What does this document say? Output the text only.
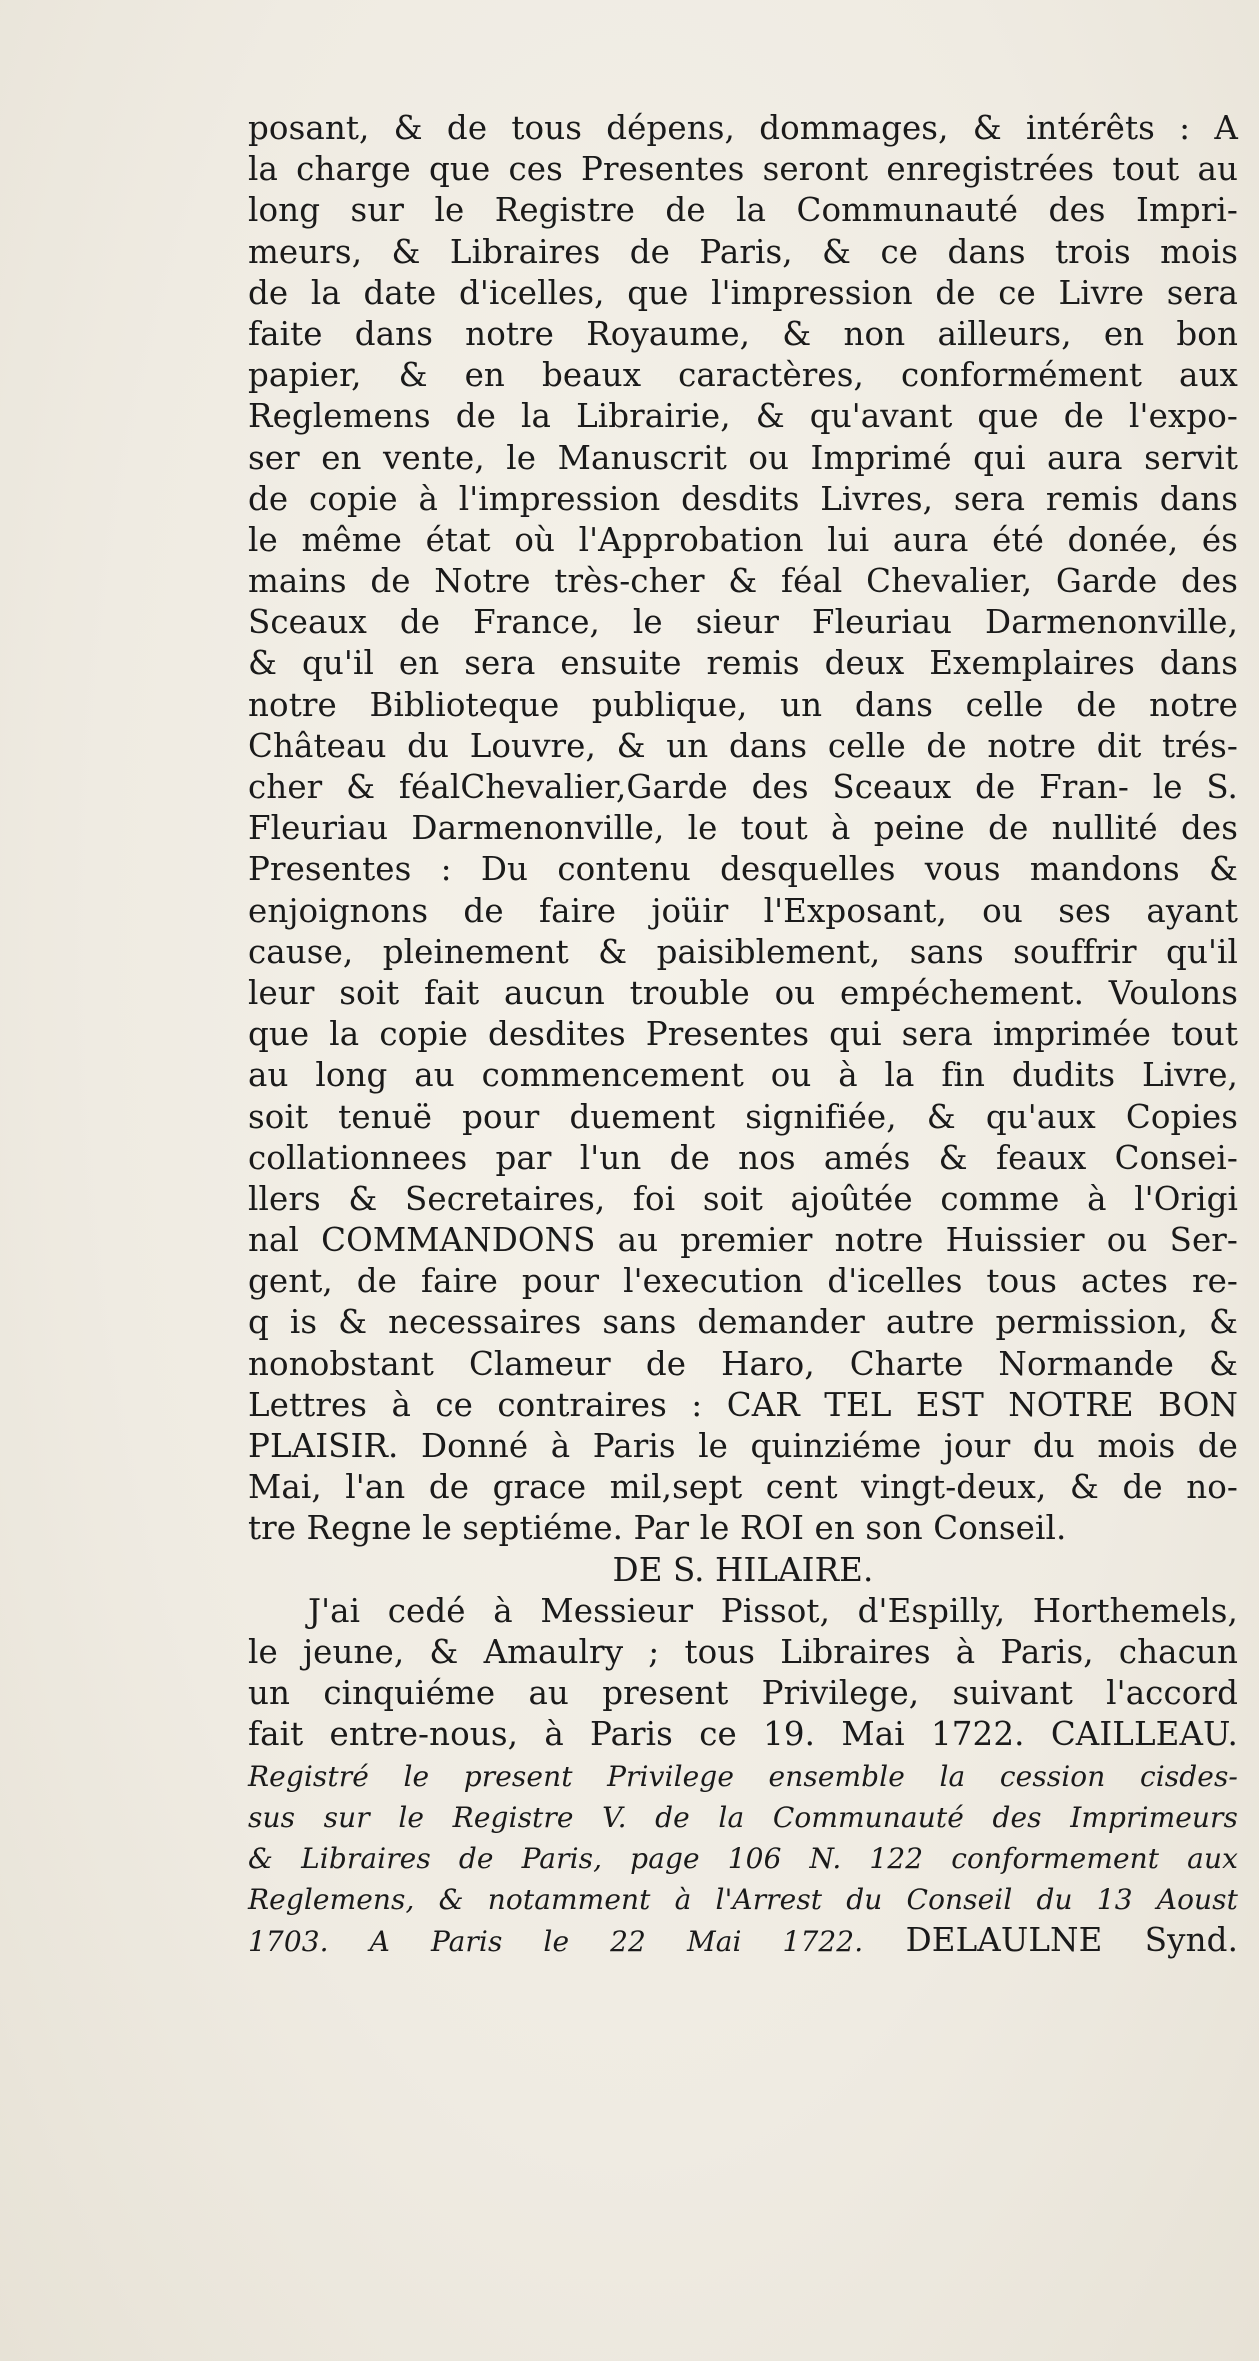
posant, & de tous dépens, dommages, & intérêts : A
la charge que ces Presentes seront enregistrées tout au
long sur le Registre de la Communauté des Impri-
meurs, & Libraires de Paris, & ce dans trois mois
de la date d'icelles, que l'impression de ce Livre sera
faite dans notre Royaume, & non ailleurs, en bon
papier, & en beaux caractères, conformément aux
Reglemens de la Librairie, & qu'avant que de l'expo-
ser en vente, le Manuscrit ou Imprimé qui aura servit
de copie à l'impression desdits Livres, sera remis dans
le même état où l'Approbation lui aura été donée, és
mains de Notre très-cher & féal Chevalier, Garde des
Sceaux de France, le sieur Fleuriau Darmenonville,
& qu'il en sera ensuite remis deux Exemplaires dans
notre Biblioteque publique, un dans celle de notre
Château du Louvre, & un dans celle de notre dit trés-
cher & féalChevalier,Garde des Sceaux de Fran- le S.
Fleuriau Darmenonville, le tout à peine de nullité des
Presentes : Du contenu desquelles vous mandons &
enjoignons de faire joüir l'Exposant, ou ses ayant
cause, pleinement & paisiblement, sans souffrir qu'il
leur soit fait aucun trouble ou empéchement. Voulons
que la copie desdites Presentes qui sera imprimée tout
au long au commencement ou à la fin dudits Livre,
soit tenuë pour duement signifiée, & qu'aux Copies
collationnees par l'un de nos amés & feaux Consei-
llers & Secretaires, foi soit ajoûtée comme à l'Origi
nal COMMANDONS au premier notre Huissier ou Ser-
gent, de faire pour l'execution d'icelles tous actes re-
q is & necessaires sans demander autre permission, &
nonobstant Clameur de Haro, Charte Normande &
Lettres à ce contraires : CAR TEL EST NOTRE BON
PLAISIR. Donné à Paris le quinziéme jour du mois de
Mai, l'an de grace mil,sept cent vingt-deux, & de no-
tre Regne le septiéme. Par le ROI en son Conseil.
DE S. HILAIRE.
J'ai cedé à Messieur Pissot, d'Espilly, Horthemels,
le jeune, & Amaulry ; tous Libraires à Paris, chacun
un cinquiéme au present Privilege, suivant l'accord
fait entre-nous, à Paris ce 19. Mai 1722. CAILLEAU.
Registré le present Privilege ensemble la cession cisdes-
sus sur le Registre V. de la Communauté des Imprimeurs
& Libraires de Paris, page 106 N. 122 conformement aux
Reglemens, & notamment à l'Arrest du Conseil du 13 Aoust
1703. A Paris le 22 Mai 1722. DELAULNE Synd.
